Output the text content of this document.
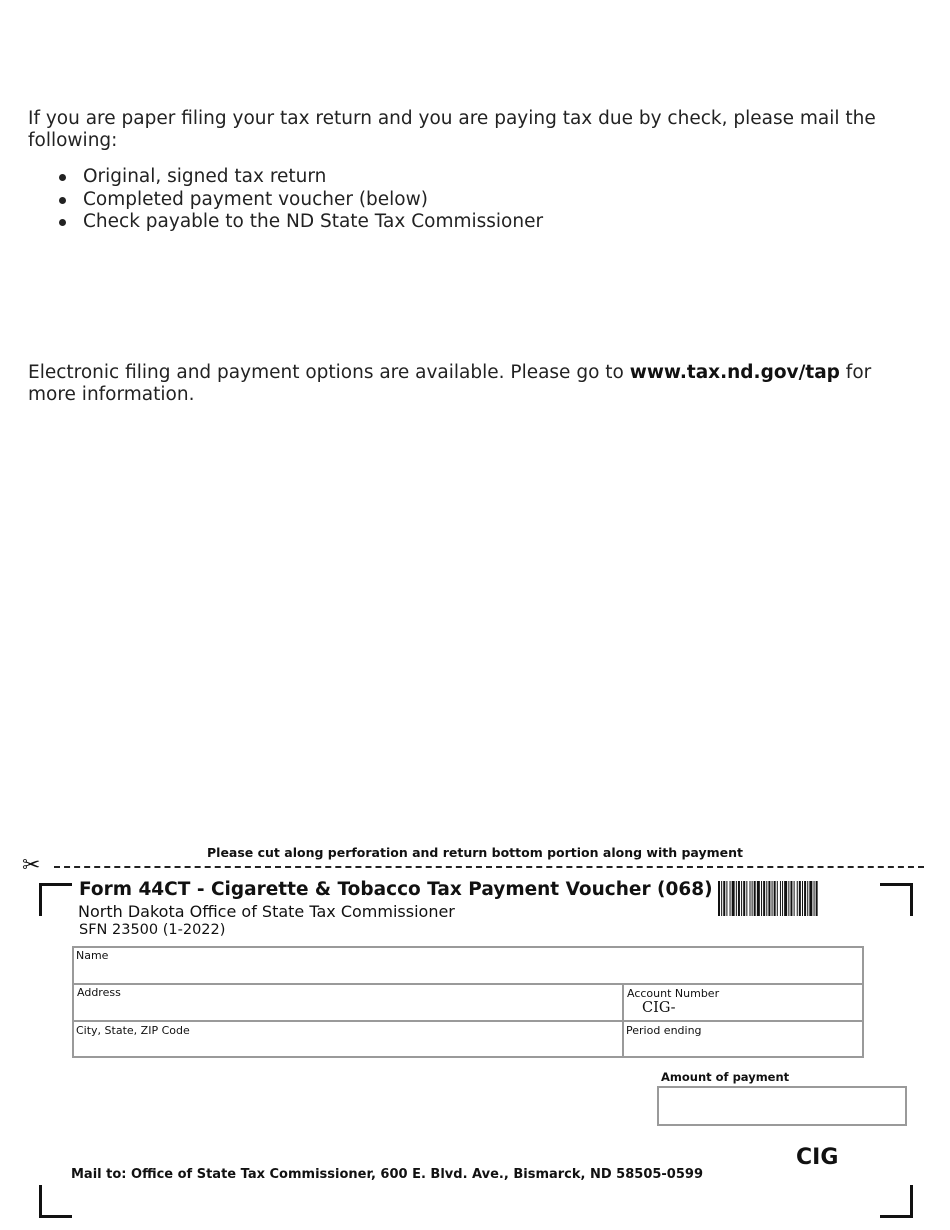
If you are paper filing your tax return and you are paying tax due by check, please mail the following:

Original, signed tax return
Completed payment voucher (below)
Check payable to the ND State Tax Commissioner

Electronic filing and payment options are available. Please go to www.tax.nd.gov/tap for more information.

Please cut along perforation and return bottom portion along with payment
✂
Form 44CT - Cigarette & Tobacco Tax Payment Voucher (068)
North Dakota Office of State Tax Commissioner
SFN 23500 (1-2022)
Name
Address	Account Number
CIG-
City, State, ZIP Code	Period ending
Amount of payment
CIG
Mail to: Office of State Tax Commissioner, 600 E. Blvd. Ave., Bismarck, ND 58505-0599
